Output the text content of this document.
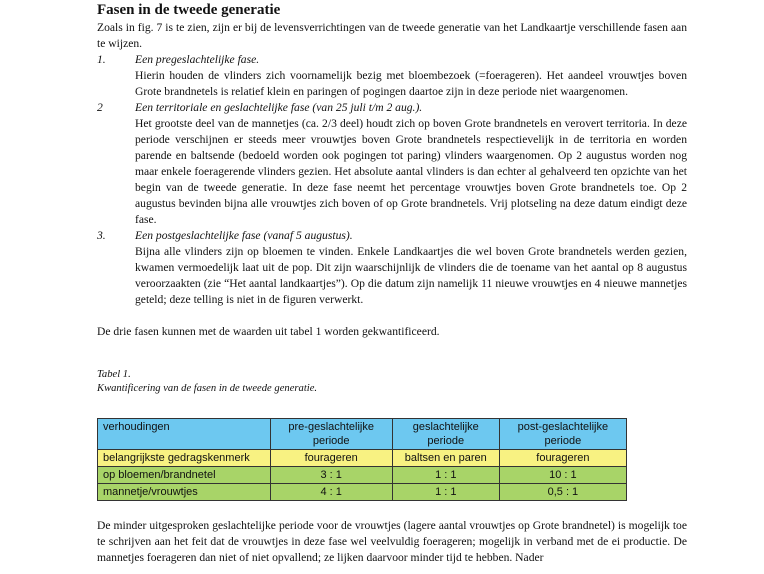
Fasen in de tweede generatie

Zoals in fig. 7 is te zien, zijn er bij de levensverrichtingen van de tweede generatie van het Landkaartje verschillende fasen aan te wijzen.

1.	Een pregeslachtelijke fase.

Hierin houden de vlinders zich voornamelijk bezig met bloembezoek (=foerageren). Het aandeel vrouwtjes boven Grote brandnetels is relatief klein en paringen of pogingen daartoe zijn in deze periode niet waargenomen.

2	Een territoriale en geslachtelijke fase (van 25 juli t/m 2 aug.).

Het grootste deel van de mannetjes (ca. 2/3 deel) houdt zich op boven Grote brandnetels en verovert territoria. In deze periode verschijnen er steeds meer vrouwtjes boven Grote brandnetels respectievelijk in de territoria en worden parende en baltsende (bedoeld worden ook pogingen tot paring) vlinders waargenomen. Op 2 augustus worden nog maar enkele foeragerende vlinders gezien. Het absolute aantal vlinders is dan echter al gehalveerd ten opzichte van het begin van de tweede generatie. In deze fase neemt het percentage vrouwtjes boven Grote brandnetels toe. Op 2 augustus bevinden bijna alle vrouwtjes zich boven of op Grote brandnetels. Vrij plotseling na deze datum eindigt deze fase.

3.	Een postgeslachtelijke fase (vanaf 5 augustus).

Bijna alle vlinders zijn op bloemen te vinden. Enkele Landkaartjes die wel boven Grote brandnetels werden gezien, kwamen vermoedelijk laat uit de pop. Dit zijn waarschijnlijk de vlinders die de toename van het aantal op 8 augustus veroorzaakten (zie “Het aantal landkaartjes”). Op die datum zijn namelijk 11 nieuwe vrouwtjes en 4 nieuwe mannetjes geteld; deze telling is niet in de figuren verwerkt.

De drie fasen kunnen met de waarden uit tabel 1 worden gekwantificeerd.

Tabel 1.

Kwantificering van de fasen in de tweede generatie.

verhoudingen	pre-geslachtelijke periode	geslachtelijke periode	post-geslachtelijke periode
belangrijkste gedragskenmerk	fourageren	baltsen en paren	fourageren
op bloemen/brandnetel	3 : 1	1 : 1	10 : 1
mannetje/vrouwtjes	4 : 1	1 : 1	0,5 : 1

De minder uitgesproken geslachtelijke periode voor de vrouwtjes (lagere aantal vrouwtjes op Grote brandnetel) is mogelijk toe te schrijven aan het feit dat de vrouwtjes in deze fase wel veelvuldig foerageren; mogelijk in verband met de ei productie. De mannetjes foerageren dan niet of niet opvallend; ze lijken daarvoor minder tijd te hebben. Nader
